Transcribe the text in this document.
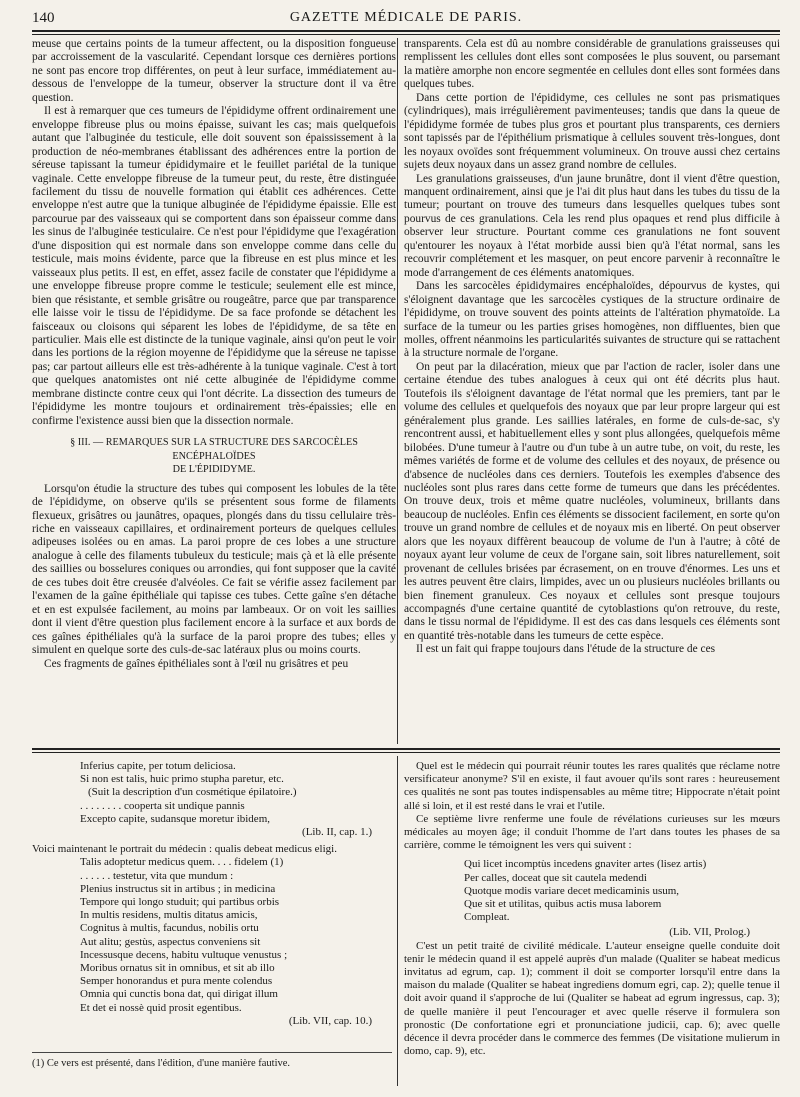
140	GAZETTE MÉDICALE DE PARIS.

meuse que certains points de la tumeur affectent, ou la disposition fongueuse par accroissement de la vascularité. Cependant lorsque ces dernières portions ne sont pas encore trop différentes, on peut à leur surface, immédiatement au-dessous de l'enveloppe de la tumeur, observer la structure dont il va être question.

Il est à remarquer que ces tumeurs de l'épididyme offrent ordinairement une enveloppe fibreuse plus ou moins épaisse, suivant les cas; mais quelquefois autant que l'albuginée du testicule, elle doit souvent son épaississement à la production de néo-membranes établissant des adhérences entre la portion de séreuse tapissant la tumeur épididymaire et le feuillet pariétal de la tunique vaginale. Cette enveloppe fibreuse de la tumeur peut, du reste, être distinguée facilement du tissu de nouvelle formation qui établit ces adhérences. Cette enveloppe n'est autre que la tunique albuginée de l'épididyme épaissie. Elle est parcourue par des vaisseaux qui se comportent dans son épaisseur comme dans les sinus de l'albuginée testiculaire. Ce n'est pour l'épididyme que l'exagération d'une disposition qui est normale dans son enveloppe comme dans celle du testicule, mais moins évidente, parce que la fibreuse en est plus mince et les vaisseaux plus petits. Il est, en effet, assez facile de constater que l'épididyme a une enveloppe fibreuse propre comme le testicule; seulement elle est mince, bien que résistante, et semble grisâtre ou rougeâtre, parce que par transparence elle laisse voir le tissu de l'épididyme. De sa face profonde se détachent les faisceaux ou cloisons qui séparent les lobes de l'épididyme, de sa tête en particulier. Mais elle est distincte de la tunique vaginale, ainsi qu'on peut le voir dans les portions de la région moyenne de l'épididyme que la séreuse ne tapisse pas; car partout ailleurs elle est très-adhérente à la tunique vaginale. C'est à tort que quelques anatomistes ont nié cette albuginée de l'épididyme comme membrane distincte contre ceux qui l'ont décrite. La dissection des tumeurs de l'épididyme les montre toujours et ordinairement très-épaissies; elle en confirme l'existence aussi bien que la dissection normale.

§ III. — REMARQUES SUR LA STRUCTURE DES SARCOCÈLES ENCÉPHALOÏDES
DE L'ÉPIDIDYME.

Lorsqu'on étudie la structure des tubes qui composent les lobules de la tête de l'épididyme, on observe qu'ils se présentent sous forme de filaments flexueux, grisâtres ou jaunâtres, opaques, plongés dans du tissu cellulaire très-riche en vaisseaux capillaires, et ordinairement porteurs de quelques cellules adipeuses isolées ou en amas. La paroi propre de ces lobes a une structure analogue à celle des filaments tubuleux du testicule; mais çà et là elle présente des saillies ou bosselures coniques ou arrondies, qui font supposer que la cavité de ces tubes doit être creusée d'alvéoles. Ce fait se vérifie assez facilement par l'examen de la gaîne épithéliale qui tapisse ces tubes. Cette gaîne s'en détache et en est expulsée facilement, au moins par lambeaux. Or on voit les saillies dont il vient d'être question plus facilement encore à la surface et aux bords de ces gaînes épithéliales qu'à la surface de la paroi propre des tubes; elles y simulent en quelque sorte des culs-de-sac latéraux plus ou moins courts.

Ces fragments de gaînes épithéliales sont à l'œil nu grisâtres et peu

transparents. Cela est dû au nombre considérable de granulations graisseuses qui remplissent les cellules dont elles sont composées le plus souvent, ou parsemant la matière amorphe non encore segmentée en cellules dont elles sont formées dans quelques tubes.

Dans cette portion de l'épididyme, ces cellules ne sont pas prismatiques (cylindriques), mais irrégulièrement pavimenteuses; tandis que dans la queue de l'épididyme formée de tubes plus gros et pourtant plus transparents, ces derniers sont tapissés par de l'épithélium prismatique à cellules souvent très-longues, dont les noyaux ovoïdes sont fréquemment volumineux. On trouve aussi chez certains sujets deux noyaux dans un assez grand nombre de cellules.

Les granulations graisseuses, d'un jaune brunâtre, dont il vient d'être question, manquent ordinairement, ainsi que je l'ai dit plus haut dans les tubes du tissu de la tumeur; pourtant on trouve des tumeurs dans lesquelles quelques tubes sont pourvus de ces granulations. Cela les rend plus opaques et rend plus difficile à observer leur structure. Pourtant comme ces granulations ne font souvent qu'entourer les noyaux à l'état morbide aussi bien qu'à l'état normal, sans les recouvrir complétement et les masquer, on peut encore parvenir à reconnaître le mode d'arrangement de ces éléments anatomiques.

Dans les sarcocèles épididymaires encéphaloïdes, dépourvus de kystes, qui s'éloignent davantage que les sarcocèles cystiques de la structure ordinaire de l'épididyme, on trouve souvent des points atteints de l'altération phymatoïde. La surface de la tumeur ou les parties grises homogènes, non diffluentes, bien que molles, offrent néanmoins les particularités suivantes de structure qui se rattachent à la structure normale de l'organe.

On peut par la dilacération, mieux que par l'action de racler, isoler dans une certaine étendue des tubes analogues à ceux qui ont été décrits plus haut. Toutefois ils s'éloignent davantage de l'état normal que les premiers, tant par le volume des cellules et quelquefois des noyaux que par leur propre largeur qui est généralement plus grande. Les saillies latérales, en forme de culs-de-sac, s'y rencontrent aussi, et habituellement elles y sont plus allongées, quelquefois même bilobées. D'une tumeur à l'autre ou d'un tube à un autre tube, on voit, du reste, les mêmes variétés de forme et de volume des cellules et des noyaux, de présence ou d'absence de nucléoles dans ces derniers. Toutefois les exemples d'absence des nucléoles sont plus rares dans cette forme de tumeurs que dans les précédentes. On trouve deux, trois et même quatre nucléoles, volumineux, brillants dans beaucoup de nucléoles. Enfin ces éléments se dissocient facilement, en sorte qu'on trouve un grand nombre de cellules et de noyaux mis en liberté. On peut observer alors que les noyaux diffèrent beaucoup de volume de l'un à l'autre; à côté de noyaux ayant leur volume de ceux de l'organe sain, soit libres naturellement, soit provenant de cellules brisées par écrasement, on en trouve d'énormes. Les uns et les autres peuvent être clairs, limpides, avec un ou plusieurs nucléoles brillants ou bien finement granuleux. Ces noyaux et cellules sont presque toujours accompagnés d'une certaine quantité de cytoblastions qu'on retrouve, du reste, dans le tissu normal de l'épididyme. Il est des cas dans lesquels ces éléments sont en quantité très-notable dans les tumeurs de cette espèce.

Il est un fait qui frappe toujours dans l'étude de la structure de ces

Inferius capite, per totum deliciosa.
Si non est talis, huic primo stupha paretur, etc.
(Suit la description d'un cosmétique épilatoire.)
. . . . . . . . cooperta sit undique pannis
Excepto capite, sudansque moretur ibidem,
(Lib. II, cap. 1.)
Voici maintenant le portrait du médecin : qualis debeat medicus eligi.
Talis adoptetur medicus quem. . . . fidelem (1)
. . . . . . testetur, vita que mundum :
Plenius instructus sit in artibus ; in medicina
Tempore qui longo studuit; qui partibus orbis
In multis residens, multis ditatus amicis,
Cognitus à multis, facundus, nobilis ortu
Aut alitu; gestùs, aspectus conveniens sit
Incessusque decens, habitu vultuque venustus ;
Moribus ornatus sit in omnibus, et sit ab illo
Semper honorandus et pura mente colendus
Omnia qui cunctis bona dat, qui dirigat illum
Et det ei nossè quid prosit egentibus.
(Lib. VII, cap. 10.)

Quel est le médecin qui pourrait réunir toutes les rares qualités que réclame notre versificateur anonyme? S'il en existe, il faut avouer qu'ils sont rares : heureusement ces qualités ne sont pas toutes indispensables au même titre; Hippocrate n'était point allé si loin, et il est resté dans le vrai et l'utile.

Ce septième livre renferme une foule de révélations curieuses sur les mœurs médicales au moyen âge; il conduit l'homme de l'art dans toutes les phases de sa carrière, comme le témoignent les vers qui suivent :

Qui licet incomptùs incedens gnaviter artes (lisez artis)
Per calles, doceat que sit cautela medendi
Quotque modis variare decet medicaminis usum,
Que sit et utilitas, quibus actis musa laborem
Compleat.
(Lib. VII, Prolog.)

C'est un petit traité de civilité médicale. L'auteur enseigne quelle conduite doit tenir le médecin quand il est appelé auprès d'un malade (Qualiter se habeat medicus invitatus ad egrum, cap. 1); comment il doit se comporter lorsqu'il entre dans la maison du malade (Qualiter se habeat ingrediens domum egri, cap. 2); quelle tenue il doit avoir quand il s'approche de lui (Qualiter se habeat ad egrum ingressus, cap. 3); de quelle manière il peut l'encourager et avec quelle réserve il formulera son pronostic (De confortatione egri et pronunciatione judicii, cap. 6); avec quelle décence il devra procéder dans le commerce des femmes (De visitatione mulierum in domo, cap. 9), etc.

(1) Ce vers est présenté, dans l'édition, d'une manière fautive.
